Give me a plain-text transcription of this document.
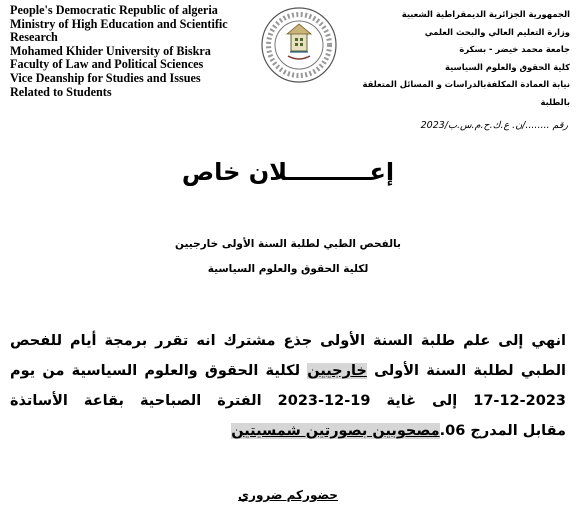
People's Democratic Republic of algeria
Ministry of High Education and Scientific
Research
Mohamed Khider University of Biskra
Faculty of Law and Political Sciences
Vice Deanship for Studies and Issues
Related to Students
الجمهورية الجزائرية الديمقراطية الشعبية
وزارة التعليم العالي والبحث العلمي
جامعة محمد خيضر - بسكرة
كلية الحقوق والعلوم السياسية
نيابة العمادة المكلفة
بالدراسات و المسائل المتعلقة
بالطلبة
رقم ......../ن. ع.ك.ح.م.س.ب/2023
إعــــــــــلان خاص
بالفحص الطبي لطلبة السنة الأولى خارجيين
لكلية الحقوق والعلوم السياسية
انهي إلى علم طلبة السنة الأولى جذع مشترك انه تقرر برمجة أيام للفحص
الطبي لطلبة السنة الأولى خارجيين لكلية الحقوق والعلوم السياسية من يوم
17-12-2023 إلى غاية 19-12-2023 الفترة الصباحية بقاعة الأساتذة
مقابل المدرج 06.مصحوبين بصورتين شمسيتين
حضوركم ضروري
